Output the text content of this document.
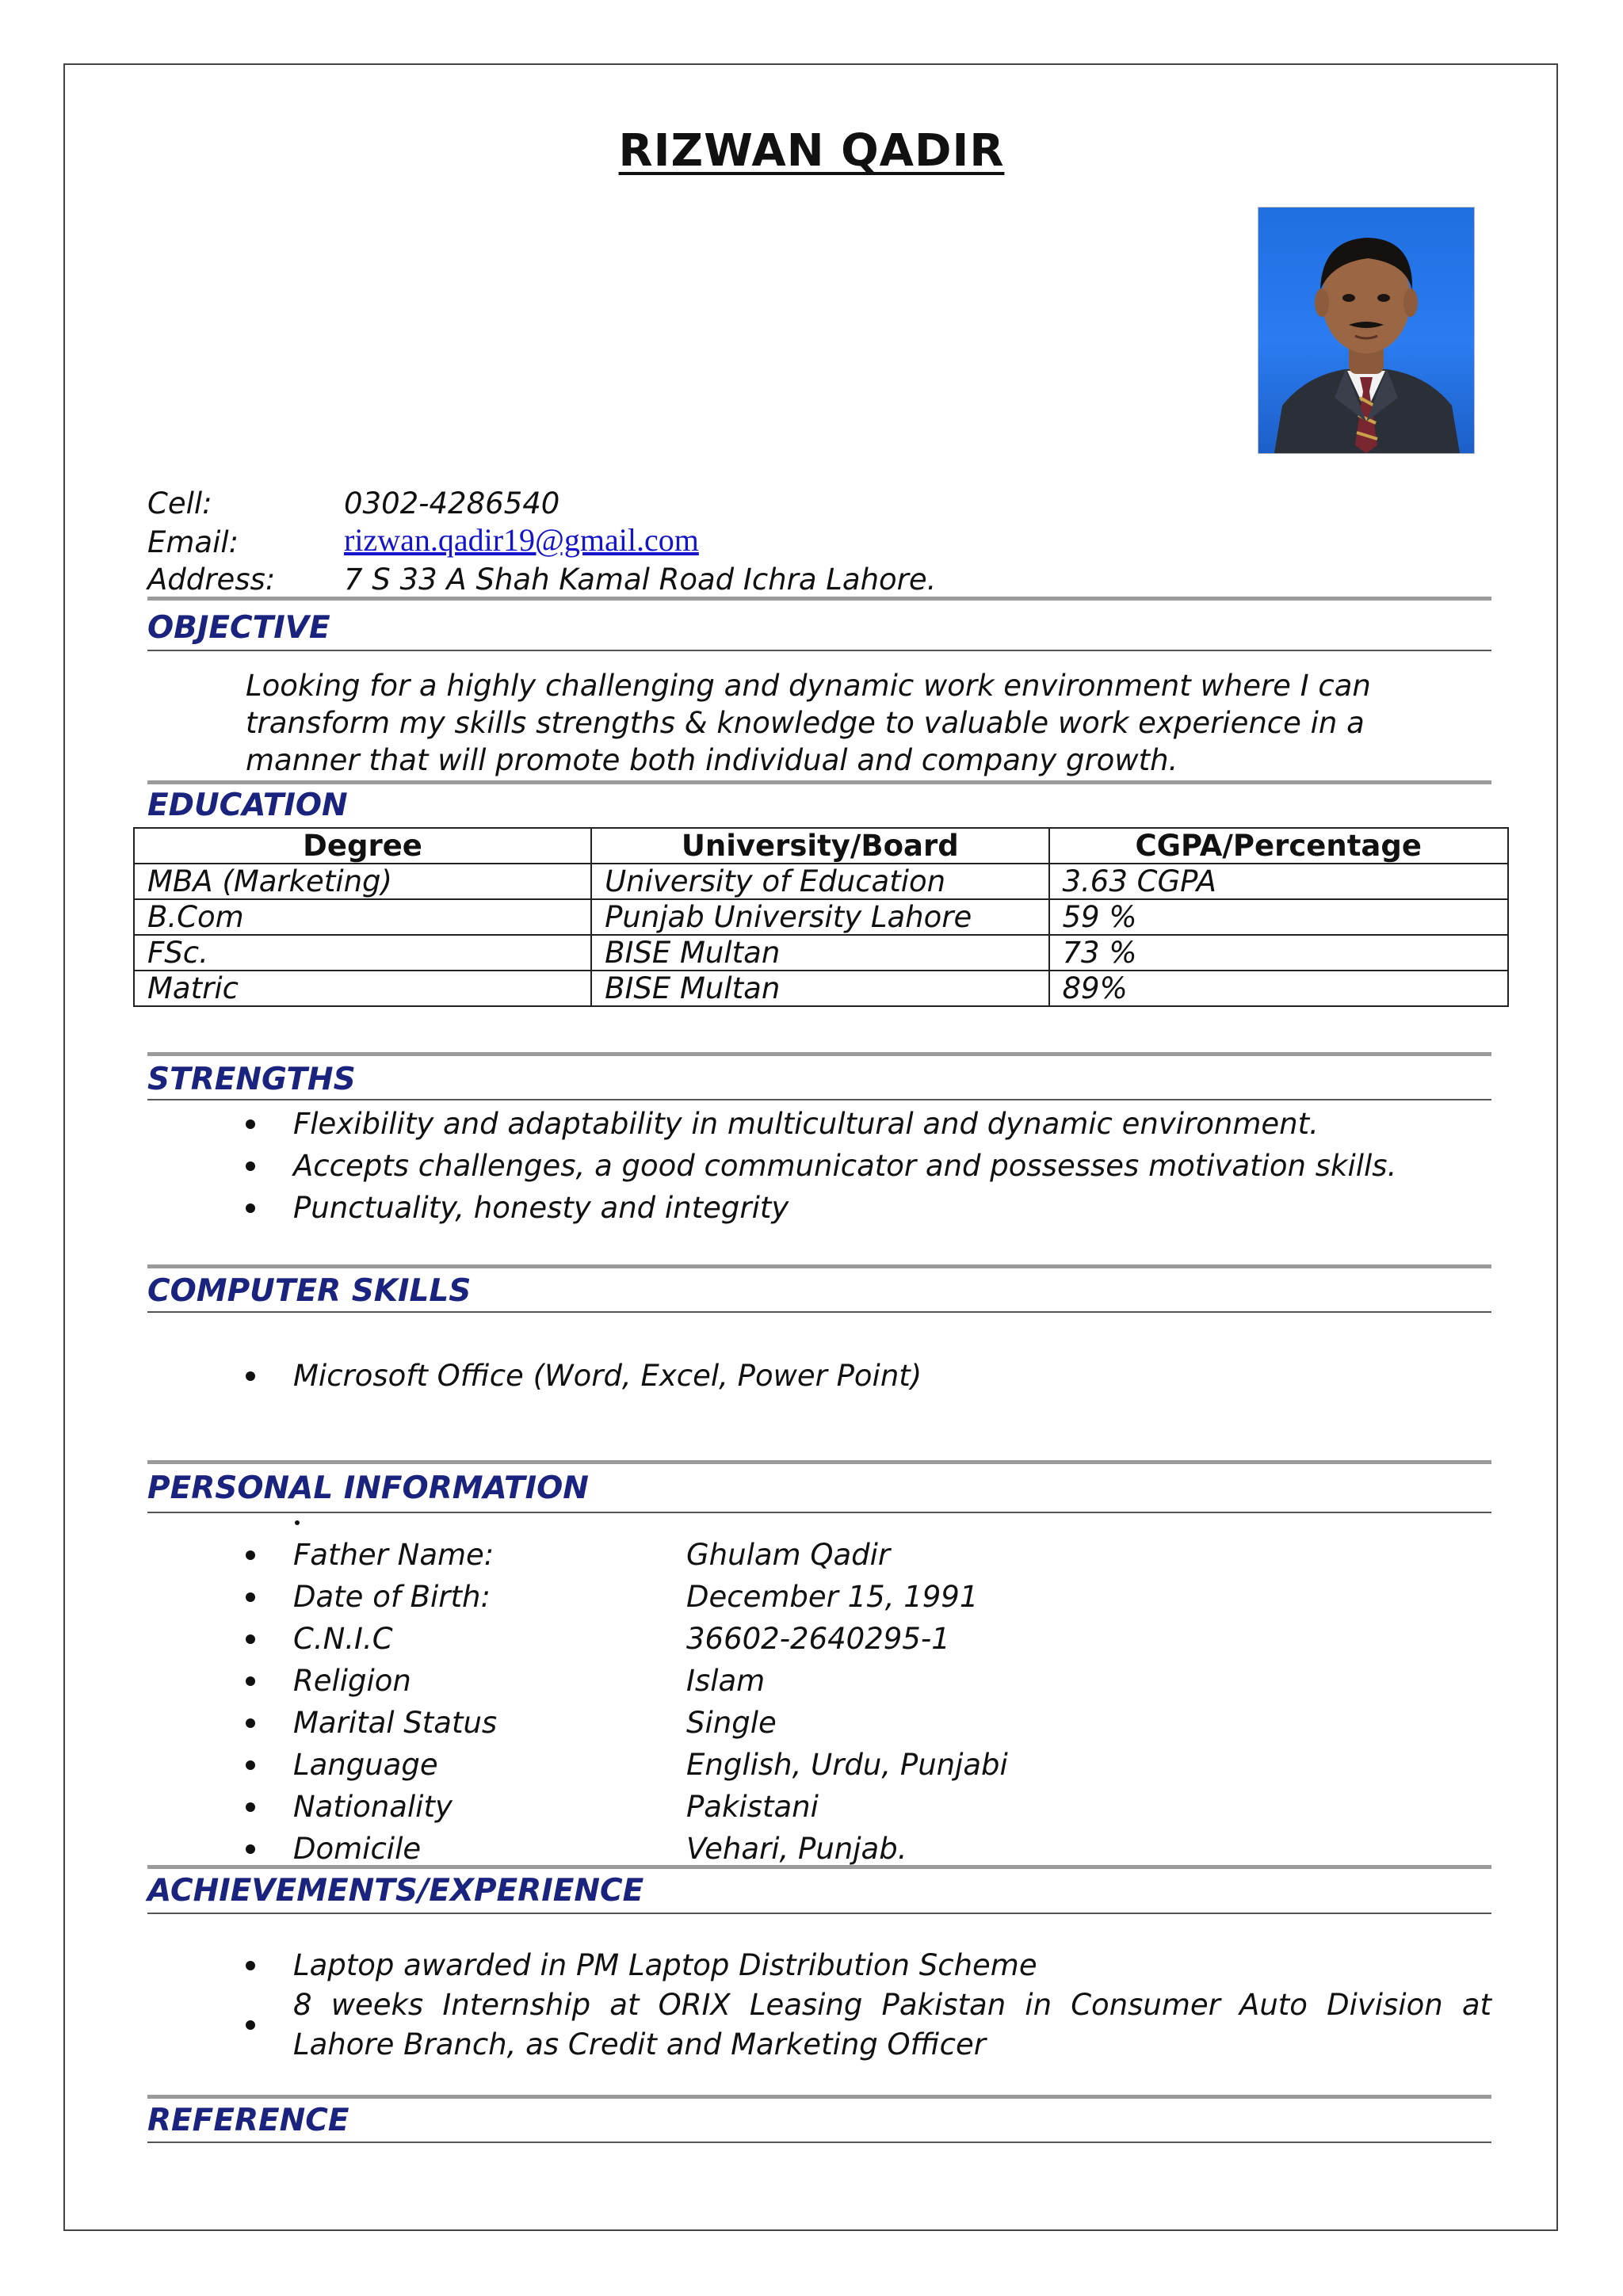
RIZWAN QADIR
Cell:	0302-4286540
Email:	rizwan.qadir19@gmail.com
Address: 7 S 33 A Shah Kamal Road Ichra Lahore.
OBJECTIVE
Looking for a highly challenging and dynamic work environment where I can transform my skills strengths & knowledge to valuable work experience in a manner that will promote both individual and company growth.
EDUCATION
Degree	University/Board	CGPA/Percentage
MBA (Marketing)	University of Education	3.63 CGPA
B.Com	Punjab University Lahore	59 %
FSc.	BISE Multan	73 %
Matric	BISE Multan	89%
STRENGTHS
Flexibility and adaptability in multicultural and dynamic environment.
Accepts challenges, a good communicator and possesses motivation skills.
Punctuality, honesty and integrity
COMPUTER SKILLS
Microsoft Office (Word, Excel, Power Point)
PERSONAL INFORMATION
Father Name:	Ghulam Qadir
Date of Birth:	December 15, 1991
C.N.I.C	36602-2640295-1
Religion	Islam
Marital Status	Single
Language	English, Urdu, Punjabi
Nationality	Pakistani
Domicile	Vehari, Punjab.
ACHIEVEMENTS/EXPERIENCE
Laptop awarded in PM Laptop Distribution Scheme
8 weeks Internship at ORIX Leasing Pakistan in Consumer Auto Division at Lahore Branch, as Credit and Marketing Officer
REFERENCE
